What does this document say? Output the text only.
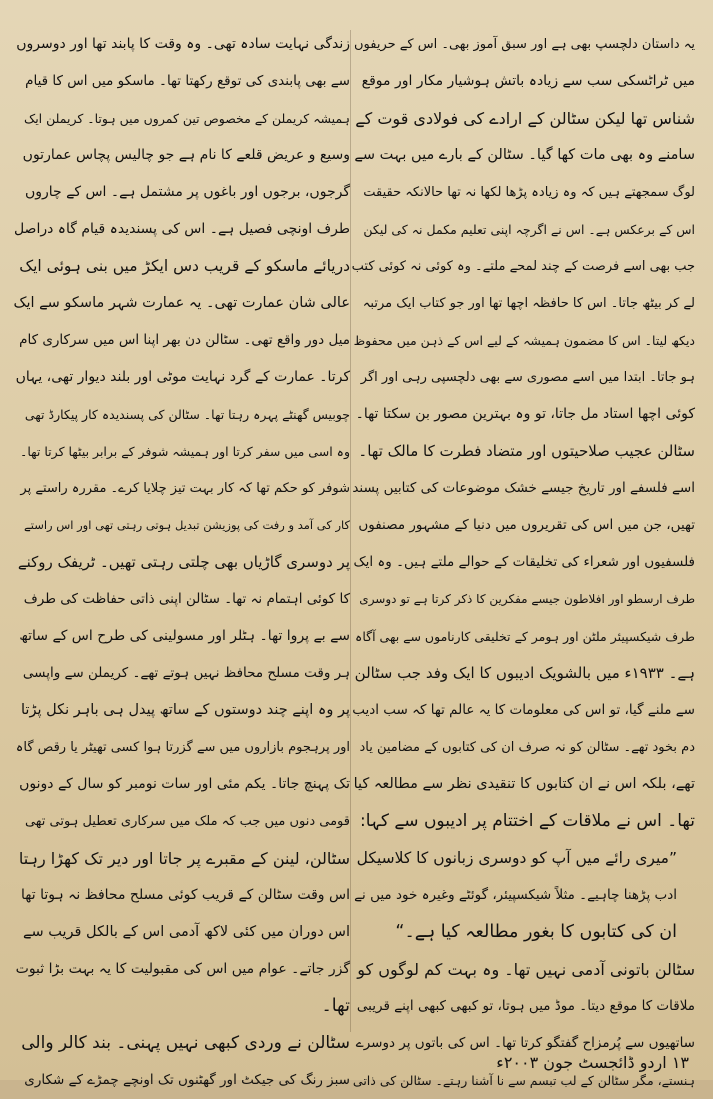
یہ داستان دلچسپ بھی ہے اور سبق آموز بھی۔ اس کے حریفوں

میں ٹراٹسکی سب سے زیادہ باتش ہوشیار مکار اور موقع

شناس تھا لیکن سٹالن کے ارادے کی فولادی قوت کے

سامنے وہ بھی مات کھا گیا۔ سٹالن کے بارے میں بہت سے

لوگ سمجھتے ہیں کہ وہ زیادہ پڑھا لکھا نہ تھا حالانکہ حقیقت

اس کے برعکس ہے۔ اس نے اگرچہ اپنی تعلیم مکمل نہ کی لیکن

جب بھی اسے فرصت کے چند لمحے ملتے۔ وہ کوئی نہ کوئی کتب

لے کر بیٹھ جاتا۔ اس کا حافظہ اچھا تھا اور جو کتاب ایک مرتبہ

دیکھ لیتا۔ اس کا مضمون ہمیشہ کے لیے اس کے ذہن میں محفوظ

ہو جاتا۔ ابتدا میں اسے مصوری سے بھی دلچسپی رہی اور اگر

کوئی اچھا استاد مل جاتا، تو وہ بہترین مصور بن سکتا تھا۔

سٹالن عجیب صلاحیتوں اور متضاد فطرت کا مالک تھا۔

اسے فلسفے اور تاریخ جیسے خشک موضوعات کی کتابیں پسند

تھیں، جن میں اس کی تقریروں میں دنیا کے مشہور مصنفوں

فلسفیوں اور شعراء کی تخلیقات کے حوالے ملتے ہیں۔ وہ ایک

طرف ارسطو اور افلاطون جیسے مفکرین کا ذکر کرتا ہے تو دوسری

طرف شیکسپیئر ملٹن اور ہومر کے تخلیقی کارناموں سے بھی آگاہ

ہے۔ ۱۹۳۳ء میں بالشویک ادیبوں کا ایک وفد جب سٹالن

سے ملنے گیا، تو اس کی معلومات کا یہ عالم تھا کہ سب ادیب

دم بخود تھے۔ سٹالن کو نہ صرف ان کی کتابوں کے مضامین یاد

تھے، بلکہ اس نے ان کتابوں کا تنقیدی نظر سے مطالعہ کیا

تھا۔ اس نے ملاقات کے اختتام پر ادیبوں سے کہا:

”میری رائے میں آپ کو دوسری زبانوں کا کلاسیکل

ادب پڑھنا چاہیے۔ مثلاً شیکسپیئر، گوئٹے وغیرہ خود میں نے

ان کی کتابوں کا بغور مطالعہ کیا ہے۔“

سٹالن باتونی آدمی نہیں تھا۔ وہ بہت کم لوگوں کو

ملاقات کا موقع دیتا۔ موڈ میں ہوتا، تو کبھی کبھی اپنے قریبی

ساتھیوں سے پُرمزاح گفتگو کرتا تھا۔ اس کی باتوں پر دوسرے

ہنستے، مگر سٹالن کے لب تبسم سے نا آشنا رہتے۔ سٹالن کی ذاتی

زندگی نہایت سادہ تھی۔ وہ وقت کا پابند تھا اور دوسروں

سے بھی پابندی کی توقع رکھتا تھا۔ ماسکو میں اس کا قیام

ہمیشہ کریملن کے مخصوص تین کمروں میں ہوتا۔ کریملن ایک

وسیع و عریض قلعے کا نام ہے جو چالیس پچاس عمارتوں

گرجوں، برجوں اور باغوں پر مشتمل ہے۔ اس کے چاروں

طرف اونچی فصیل ہے۔ اس کی پسندیدہ قیام گاہ دراصل

دریائے ماسکو کے قریب دس ایکڑ میں بنی ہوئی ایک

عالی شان عمارت تھی۔ یہ عمارت شہر ماسکو سے ایک

میل دور واقع تھی۔ سٹالن دن بھر اپنا اس میں سرکاری کام

کرتا۔ عمارت کے گرد نہایت موٹی اور بلند دیوار تھی، یہاں

چوبیس گھنٹے پہرہ رہتا تھا۔ سٹالن کی پسندیدہ کار پیکارڈ تھی

وہ اسی میں سفر کرتا اور ہمیشہ شوفر کے برابر بیٹھا کرتا تھا۔

شوفر کو حکم تھا کہ کار بہت تیز چلایا کرے۔ مقررہ راستے پر

کار کی آمد و رفت کی پوزیشن تبدیل ہوتی رہتی تھی اور اس راستے

پر دوسری گاڑیاں بھی چلتی رہتی تھیں۔ ٹریفک روکنے

کا کوئی اہتمام نہ تھا۔ سٹالن اپنی ذاتی حفاظت کی طرف

سے بے پروا تھا۔ ہٹلر اور مسولینی کی طرح اس کے ساتھ

ہر وقت مسلح محافظ نہیں ہوتے تھے۔ کریملن سے واپسی

پر وہ اپنے چند دوستوں کے ساتھ پیدل ہی باہر نکل پڑتا

اور پرہجوم بازاروں میں سے گزرتا ہوا کسی تھیٹر یا رقص گاہ

تک پہنچ جاتا۔ یکم مئی اور سات نومبر کو سال کے دونوں

قومی دنوں میں جب کہ ملک میں سرکاری تعطیل ہوتی تھی

سٹالن، لینن کے مقبرے پر جاتا اور دیر تک کھڑا رہتا

اس وقت سٹالن کے قریب کوئی مسلح محافظ نہ ہوتا تھا

اس دوران میں کئی لاکھ آدمی اس کے بالکل قریب سے

گزر جاتے۔ عوام میں اس کی مقبولیت کا یہ بہت بڑا ثبوت

تھا۔

سٹالن نے وردی کبھی نہیں پہنی۔ بند کالر والی

سبز رنگ کی جیکٹ اور گھٹنوں تک اونچے چمڑے کے شکاری

۱۳ اردو ڈائجسٹ جون ۲۰۰۳ء
